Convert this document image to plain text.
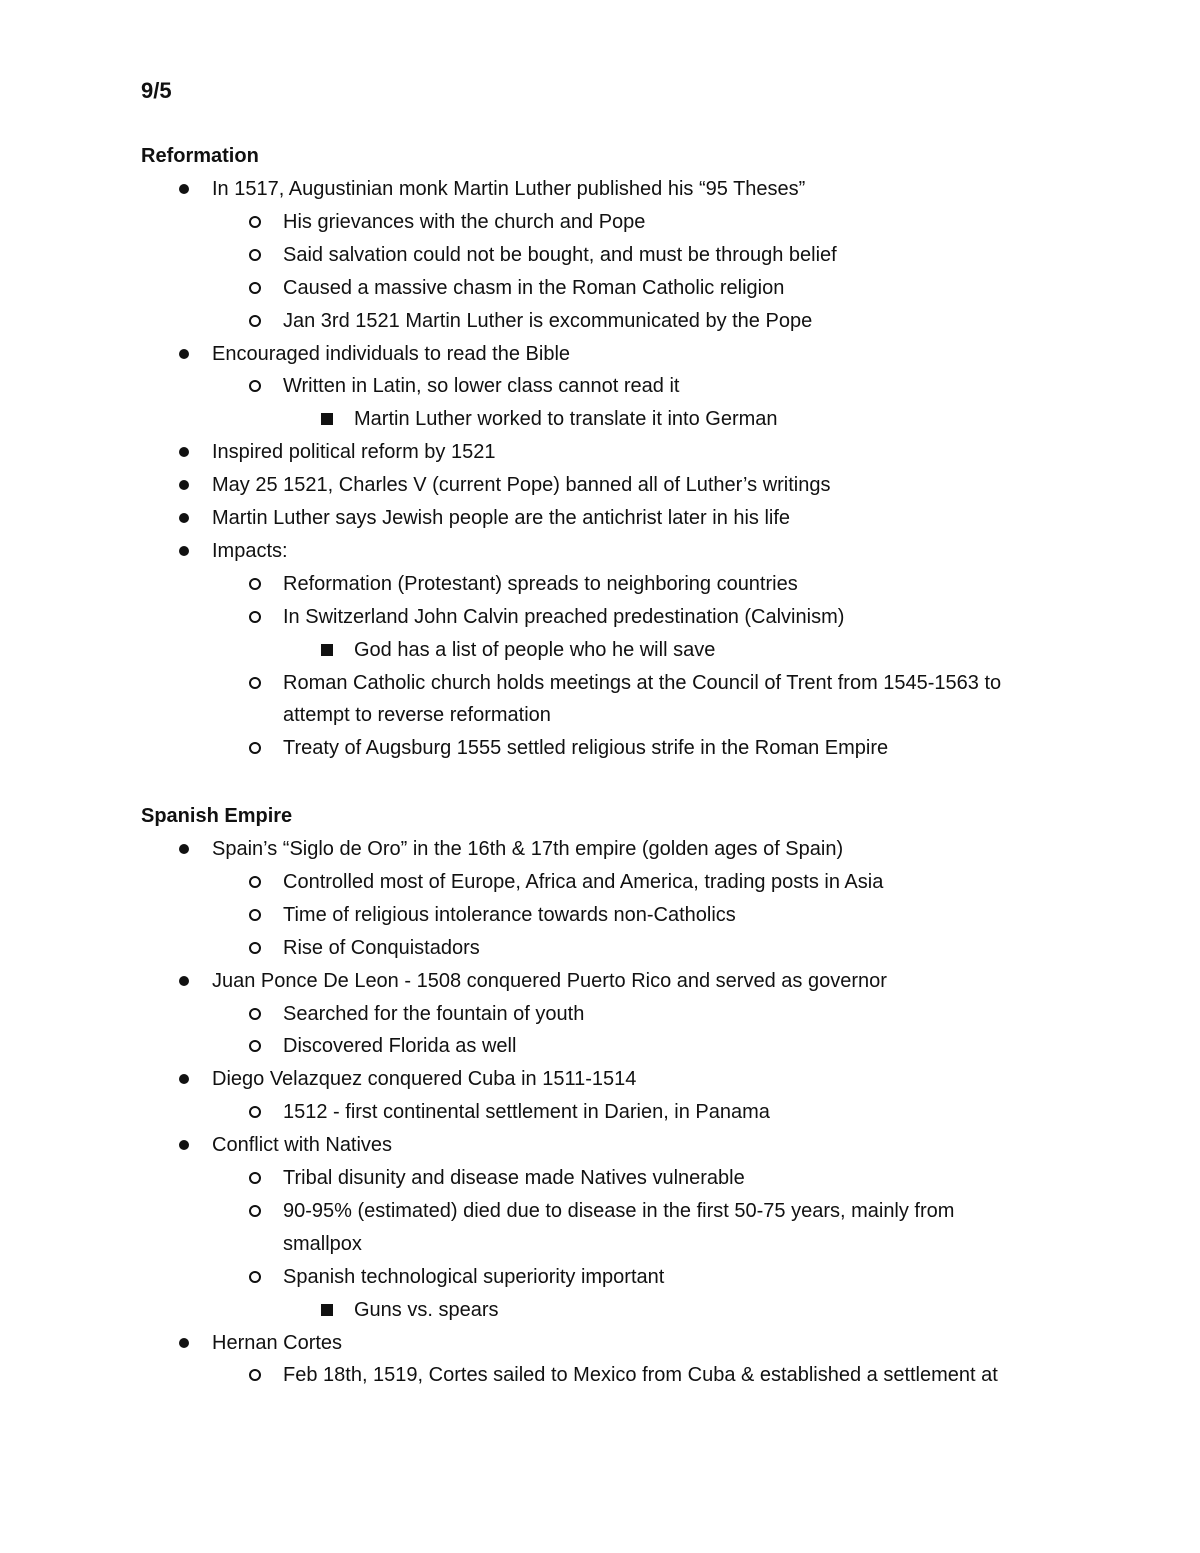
9/5
Reformation
In 1517, Augustinian monk Martin Luther published his “95 Theses”
His grievances with the church and Pope
Said salvation could not be bought, and must be through belief
Caused a massive chasm in the Roman Catholic religion
Jan 3rd 1521 Martin Luther is excommunicated by the Pope
Encouraged individuals to read the Bible
Written in Latin, so lower class cannot read it
Martin Luther worked to translate it into German
Inspired political reform by 1521
May 25 1521, Charles V (current Pope) banned all of Luther’s writings
Martin Luther says Jewish people are the antichrist later in his life
Impacts:
Reformation (Protestant) spreads to neighboring countries
In Switzerland John Calvin preached predestination (Calvinism)
God has a list of people who he will save
Roman Catholic church holds meetings at the Council of Trent from 1545-1563 to
attempt to reverse reformation
Treaty of Augsburg 1555 settled religious strife in the Roman Empire
Spanish Empire
Spain’s “Siglo de Oro” in the 16th & 17th empire (golden ages of Spain)
Controlled most of Europe, Africa and America, trading posts in Asia
Time of religious intolerance towards non-Catholics
Rise of Conquistadors
Juan Ponce De Leon - 1508 conquered Puerto Rico and served as governor
Searched for the fountain of youth
Discovered Florida as well
Diego Velazquez conquered Cuba in 1511-1514
1512 - first continental settlement in Darien, in Panama
Conflict with Natives
Tribal disunity and disease made Natives vulnerable
90-95% (estimated) died due to disease in the first 50-75 years, mainly from
smallpox
Spanish technological superiority important
Guns vs. spears
Hernan Cortes
Feb 18th, 1519, Cortes sailed to Mexico from Cuba & established a settlement at
